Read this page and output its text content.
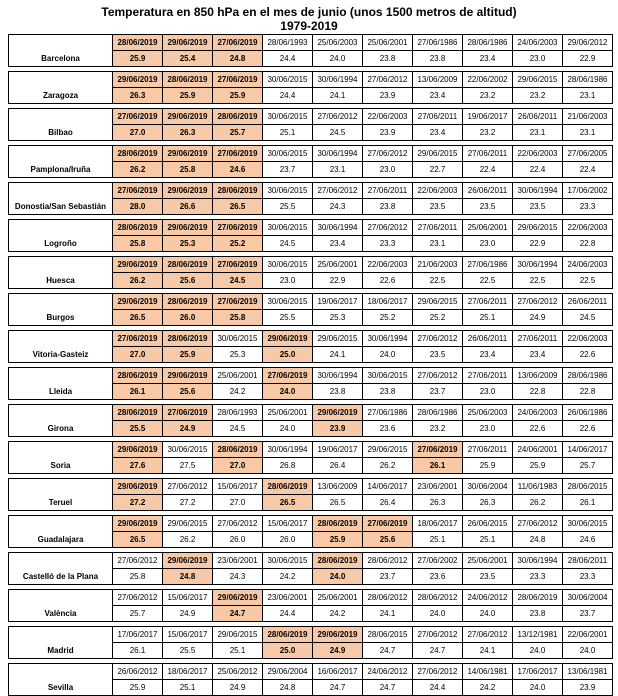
Temperatura en 850 hPa en el mes de junio (unos 1500 metros de altitud)
1979-2019
Barcelona	28/06/2019	29/06/2019	27/06/2019	28/06/1993	25/06/2003	25/06/2001	27/06/1986	28/06/1986	24/06/2003	29/06/2012
	25.9	25.4	24.8	24.4	24.0	23.8	23.8	23.4	23.0	22.9

Zaragoza	29/06/2019	28/06/2019	27/06/2019	30/06/2015	30/06/1994	27/06/2012	13/06/2009	22/06/2002	29/06/2015	28/06/1986
	26.3	25.9	25.9	24.4	24.1	23.9	23.4	23.2	23.2	23.1

Bilbao	27/06/2019	29/06/2019	28/06/2019	30/06/2015	27/06/2012	22/06/2003	27/06/2011	19/06/2017	26/06/2011	21/06/2003
	27.0	26.3	25.7	25.1	24.5	23.9	23.4	23.2	23.1	23.1

Pamplona/Iruña	28/06/2019	29/06/2019	27/06/2019	30/06/2015	30/06/1994	27/06/2012	29/06/2015	27/06/2011	22/06/2003	27/06/2005
	26.2	25.8	24.6	23.7	23.1	23.0	22.7	22.4	22.4	22.4

Donostia/San Sebastián	27/06/2019	29/06/2019	28/06/2019	30/06/2015	27/06/2012	27/06/2011	22/06/2003	26/06/2011	30/06/1994	17/06/2002
	28.0	26.6	26.5	25.5	24.3	23.8	23.5	23.5	23.5	23.3

Logroño	28/06/2019	29/06/2019	27/06/2019	30/06/2015	30/06/1994	27/06/2012	27/06/2011	25/06/2001	29/06/2015	22/06/2003
	25.8	25.3	25.2	24.5	23.4	23.3	23.1	23.0	22.9	22.8

Huesca	29/06/2019	28/06/2019	27/06/2019	30/06/2015	25/06/2001	22/06/2003	21/06/2003	27/06/1986	30/06/1994	24/06/2003
	26.2	25.6	24.5	23.0	22.9	22.6	22.5	22.5	22.5	22.5

Burgos	29/06/2019	28/06/2019	27/06/2019	30/06/2015	19/06/2017	18/06/2017	29/06/2015	27/06/2011	27/06/2012	26/06/2011
	26.5	26.0	25.8	25.5	25.3	25.2	25.2	25.1	24.9	24.5

Vitoria-Gasteiz	27/06/2019	28/06/2019	30/06/2015	29/06/2019	29/06/2015	30/06/1994	27/06/2012	26/06/2011	27/06/2011	22/06/2003
	27.0	25.9	25.3	25.0	24.1	24.0	23.5	23.4	23.4	22.6

Lleida	28/06/2019	29/06/2019	25/06/2001	27/06/2019	30/06/1994	30/06/2015	27/06/2012	27/06/2011	13/06/2009	28/06/1986
	26.1	25.6	24.2	24.0	23.8	23.8	23.7	23.0	22.8	22.8

Girona	28/06/2019	27/06/2019	28/06/1993	25/06/2001	29/06/2019	27/06/1986	28/06/1986	25/06/2003	24/06/2003	26/06/1986
	25.5	24.9	24.5	24.0	23.9	23.6	23.2	23.0	22.6	22.6

Soria	29/06/2019	30/06/2015	28/06/2019	30/06/1994	19/06/2017	29/06/2015	27/06/2019	27/06/2011	24/06/2001	14/06/2017
	27.6	27.5	27.0	26.8	26.4	26.2	26.1	25.9	25.9	25.7

Teruel	29/06/2019	27/06/2012	15/06/2017	28/06/2019	13/06/2009	14/06/2017	23/06/2001	30/06/2004	11/06/1983	28/06/2015
	27.2	27.2	27.0	26.5	26.5	26.4	26.3	26.3	26.2	26.1

Guadalajara	29/06/2019	29/06/2015	27/06/2012	15/06/2017	28/06/2019	27/06/2019	18/06/2017	26/06/2015	27/06/2012	30/06/2015
	26.5	26.2	26.0	26.0	25.9	25.6	25.1	25.1	24.8	24.6

Castelló de la Plana	27/06/2012	29/06/2019	23/06/2001	30/06/2015	28/06/2019	28/06/2012	27/06/2002	25/06/2001	30/06/1994	28/06/2011
	25.8	24.8	24.3	24.2	24.0	23.7	23.6	23.5	23.3	23.3

València	27/06/2012	15/06/2017	29/06/2019	23/06/2001	25/06/2001	28/06/2012	28/06/2012	24/06/2012	28/06/2019	30/06/2004
	25.7	24.9	24.7	24.4	24.2	24.1	24.0	24.0	23.8	23.7

Madrid	17/06/2017	15/06/2017	29/06/2015	28/06/2019	29/06/2019	28/06/2015	27/06/2012	27/06/2012	13/12/1981	22/06/2001
	26.1	25.5	25.1	25.0	24.9	24.7	24.7	24.1	24.0	24.0

Sevilla	26/06/2012	18/06/2017	25/06/2012	29/06/2004	16/06/2017	24/06/2012	27/06/2012	14/06/1981	17/06/2017	13/06/1981
	25.9	25.1	24.9	24.8	24.7	24.7	24.4	24.2	24.0	23.9
